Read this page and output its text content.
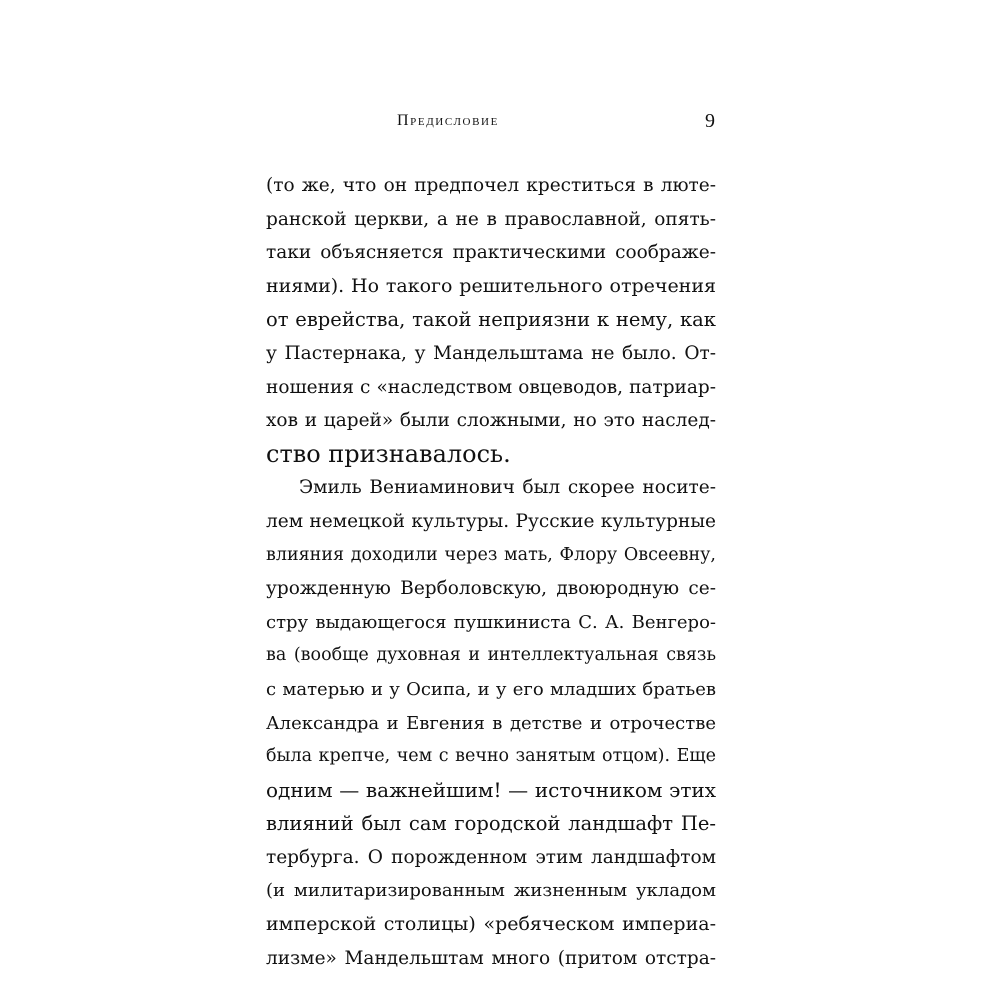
Предисловие	9
(то же, что он предпочел креститься в люте-
ранской церкви, а не в православной, опять-
таки объясняется практическими соображе-
ниями). Но такого решительного отречения
от еврейства, такой неприязни к нему, как
у Пастернака, у Мандельштама не было. От-
ношения с «наследством овцеводов, патриар-
хов и царей» были сложными, но это наслед-
ство признавалось.
Эмиль Вениаминович был скорее носите-
лем немецкой культуры. Русские культурные
влияния доходили через мать, Флору Овсеевну,
урожденную Верболовскую, двоюродную се-
стру выдающегося пушкиниста С. А. Венгеро-
ва (вообще духовная и интеллектуальная связь
с матерью и у Осипа, и у его младших братьев
Александра и Евгения в детстве и отрочестве
была крепче, чем с вечно занятым отцом). Еще
одним — важнейшим! — источником этих
влияний был сам городской ландшафт Пе-
тербурга. О порожденном этим ландшафтом
(и милитаризированным жизненным укладом
имперской столицы) «ребяческом империа-
лизме» Мандельштам много (притом отстра-
